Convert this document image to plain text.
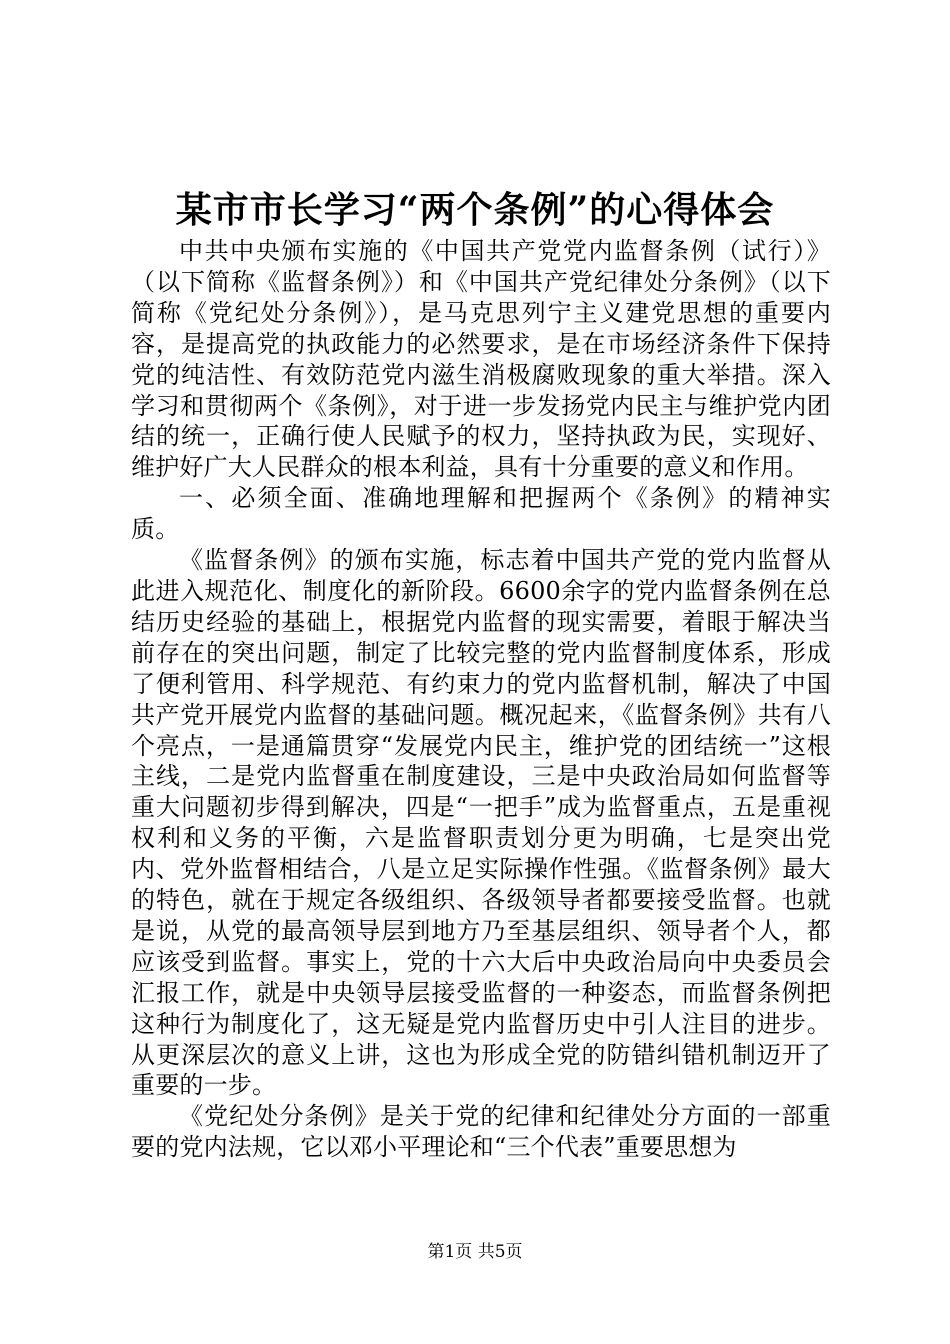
某市市长学习“两个条例”的心得体会

中共中央颁布实施的《中国共产党党内监督条例（试行）》（以下简称《监督条例》）和《中国共产党纪律处分条例》（以下简称《党纪处分条例》），是马克思列宁主义建党思想的重要内容，是提高党的执政能力的必然要求，是在市场经济条件下保持党的纯洁性、有效防范党内滋生消极腐败现象的重大举措。深入学习和贯彻两个《条例》，对于进一步发扬党内民主与维护党内团结的统一，正确行使人民赋予的权力，坚持执政为民，实现好、维护好广大人民群众的根本利益，具有十分重要的意义和作用。

一、必须全面、准确地理解和把握两个《条例》的精神实质。

《监督条例》的颁布实施，标志着中国共产党的党内监督从此进入规范化、制度化的新阶段。6600余字的党内监督条例在总结历史经验的基础上，根据党内监督的现实需要，着眼于解决当前存在的突出问题，制定了比较完整的党内监督制度体系，形成了便利管用、科学规范、有约束力的党内监督机制，解决了中国共产党开展党内监督的基础问题。概况起来，《监督条例》共有八个亮点，一是通篇贯穿“发展党内民主，维护党的团结统一”这根主线，二是党内监督重在制度建设，三是中央政治局如何监督等重大问题初步得到解决，四是“一把手”成为监督重点，五是重视权利和义务的平衡，六是监督职责划分更为明确，七是突出党内、党外监督相结合，八是立足实际操作性强。《监督条例》最大的特色，就在于规定各级组织、各级领导者都要接受监督。也就是说，从党的最高领导层到地方乃至基层组织、领导者个人，都应该受到监督。事实上，党的十六大后中央政治局向中央委员会汇报工作，就是中央领导层接受监督的一种姿态，而监督条例把这种行为制度化了，这无疑是党内监督历史中引人注目的进步。从更深层次的意义上讲，这也为形成全党的防错纠错机制迈开了重要的一步。

《党纪处分条例》是关于党的纪律和纪律处分方面的一部重要的党内法规，它以邓小平理论和“三个代表”重要思想为

第1页 共5页
